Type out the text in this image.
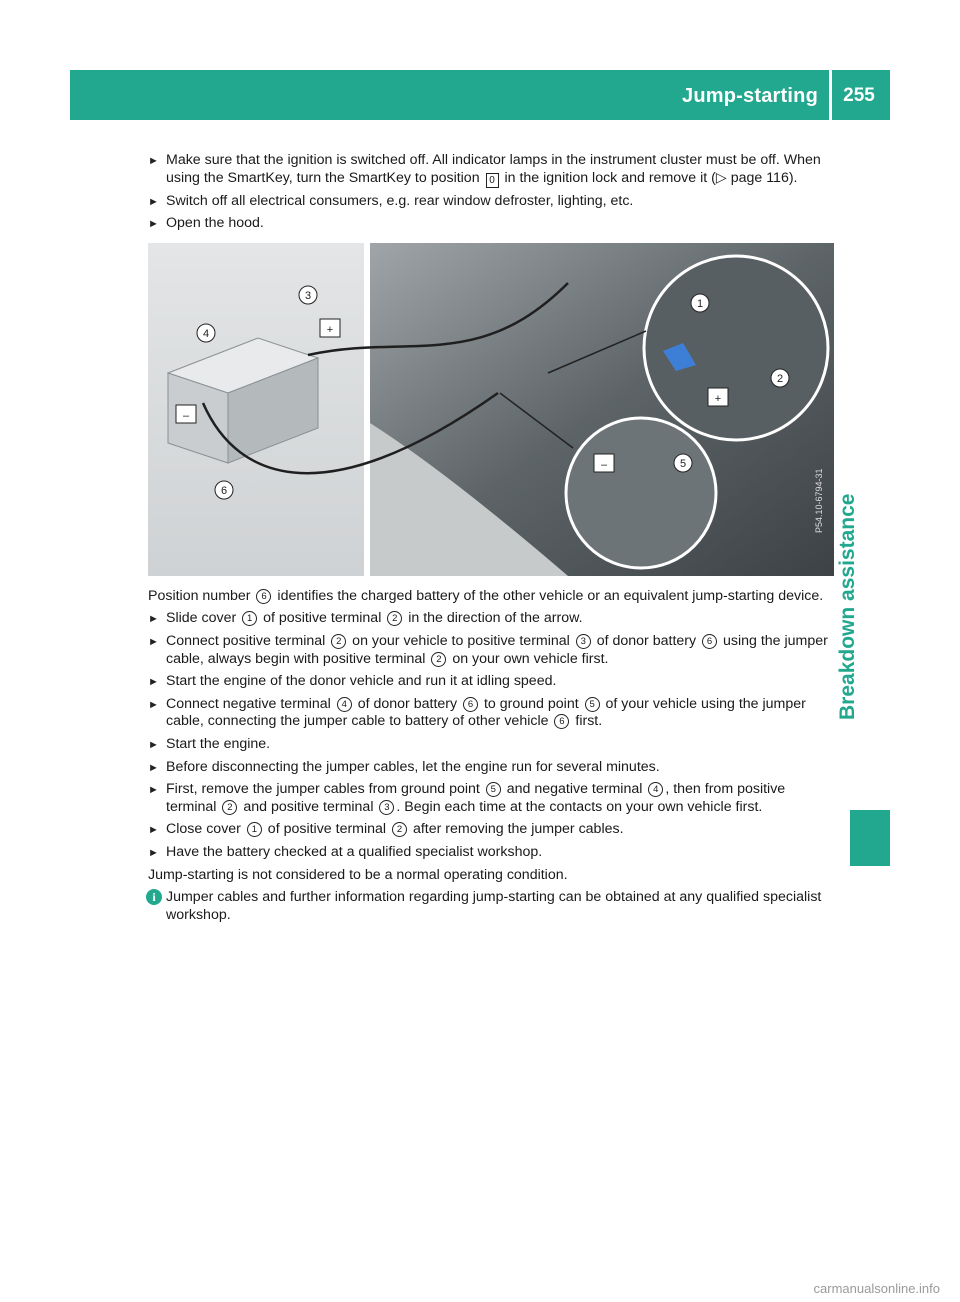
Jump-starting	255
Breakdown assistance
► Make sure that the ignition is switched off. All indicator lamps in the instrument cluster must be off. When using the SmartKey, turn the SmartKey to position 0 in the ignition lock and remove it (▷ page 116).
► Switch off all electrical consumers, e.g. rear window defroster, lighting, etc.
► Open the hood.
1
2
3
4
5
6
+
–
+
–
P54.10-6794-31
Position number 6 identifies the charged battery of the other vehicle or an equivalent jump-starting device.
► Slide cover 1 of positive terminal 2 in the direction of the arrow.
► Connect positive terminal 2 on your vehicle to positive terminal 3 of donor battery 6 using the jumper cable, always begin with positive terminal 2 on your own vehicle first.
► Start the engine of the donor vehicle and run it at idling speed.
► Connect negative terminal 4 of donor battery 6 to ground point 5 of your vehicle using the jumper cable, connecting the jumper cable to battery of other vehicle 6 first.
► Start the engine.
► Before disconnecting the jumper cables, let the engine run for several minutes.
► First, remove the jumper cables from ground point 5 and negative terminal 4 , then from positive terminal 2 and positive terminal 3 . Begin each time at the contacts on your own vehicle first.
► Close cover 1 of positive terminal 2 after removing the jumper cables.
► Have the battery checked at a qualified specialist workshop.
Jump-starting is not considered to be a normal operating condition.
i Jumper cables and further information regarding jump-starting can be obtained at any qualified specialist workshop.
carmanualsonline.info
